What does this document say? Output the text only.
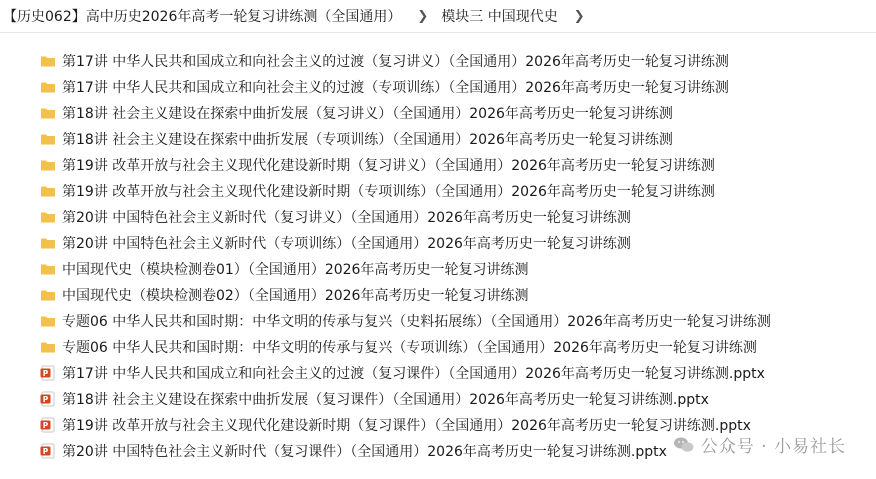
【历史062】高中历史2026年高考一轮复习讲练测（全国通用）	❯ 模块三 中国现代史	❯
第17讲 中华人民共和国成立和向社会主义的过渡（复习讲义）（全国通用）2026年高考历史一轮复习讲练测
第17讲 中华人民共和国成立和向社会主义的过渡（专项训练）（全国通用）2026年高考历史一轮复习讲练测
第18讲 社会主义建设在探索中曲折发展（复习讲义）（全国通用）2026年高考历史一轮复习讲练测
第18讲 社会主义建设在探索中曲折发展（专项训练）（全国通用）2026年高考历史一轮复习讲练测
第19讲 改革开放与社会主义现代化建设新时期（复习讲义）（全国通用）2026年高考历史一轮复习讲练测
第19讲 改革开放与社会主义现代化建设新时期（专项训练）（全国通用）2026年高考历史一轮复习讲练测
第20讲 中国特色社会主义新时代（复习讲义）（全国通用）2026年高考历史一轮复习讲练测
第20讲 中国特色社会主义新时代（专项训练）（全国通用）2026年高考历史一轮复习讲练测
中国现代史（模块检测卷01）（全国通用）2026年高考历史一轮复习讲练测
中国现代史（模块检测卷02）（全国通用）2026年高考历史一轮复习讲练测
专题06 中华人民共和国时期：中华文明的传承与复兴（史料拓展练）（全国通用）2026年高考历史一轮复习讲练测
专题06 中华人民共和国时期：中华文明的传承与复兴（专项训练）（全国通用）2026年高考历史一轮复习讲练测
P 第17讲 中华人民共和国成立和向社会主义的过渡（复习课件）（全国通用）2026年高考历史一轮复习讲练测.pptx
P 第18讲 社会主义建设在探索中曲折发展（复习课件）（全国通用）2026年高考历史一轮复习讲练测.pptx
P 第19讲 改革开放与社会主义现代化建设新时期（复习课件）（全国通用）2026年高考历史一轮复习讲练测.pptx
P 第20讲 中国特色社会主义新时代（复习课件）（全国通用）2026年高考历史一轮复习讲练测.pptx 公众号 · 小易社长
